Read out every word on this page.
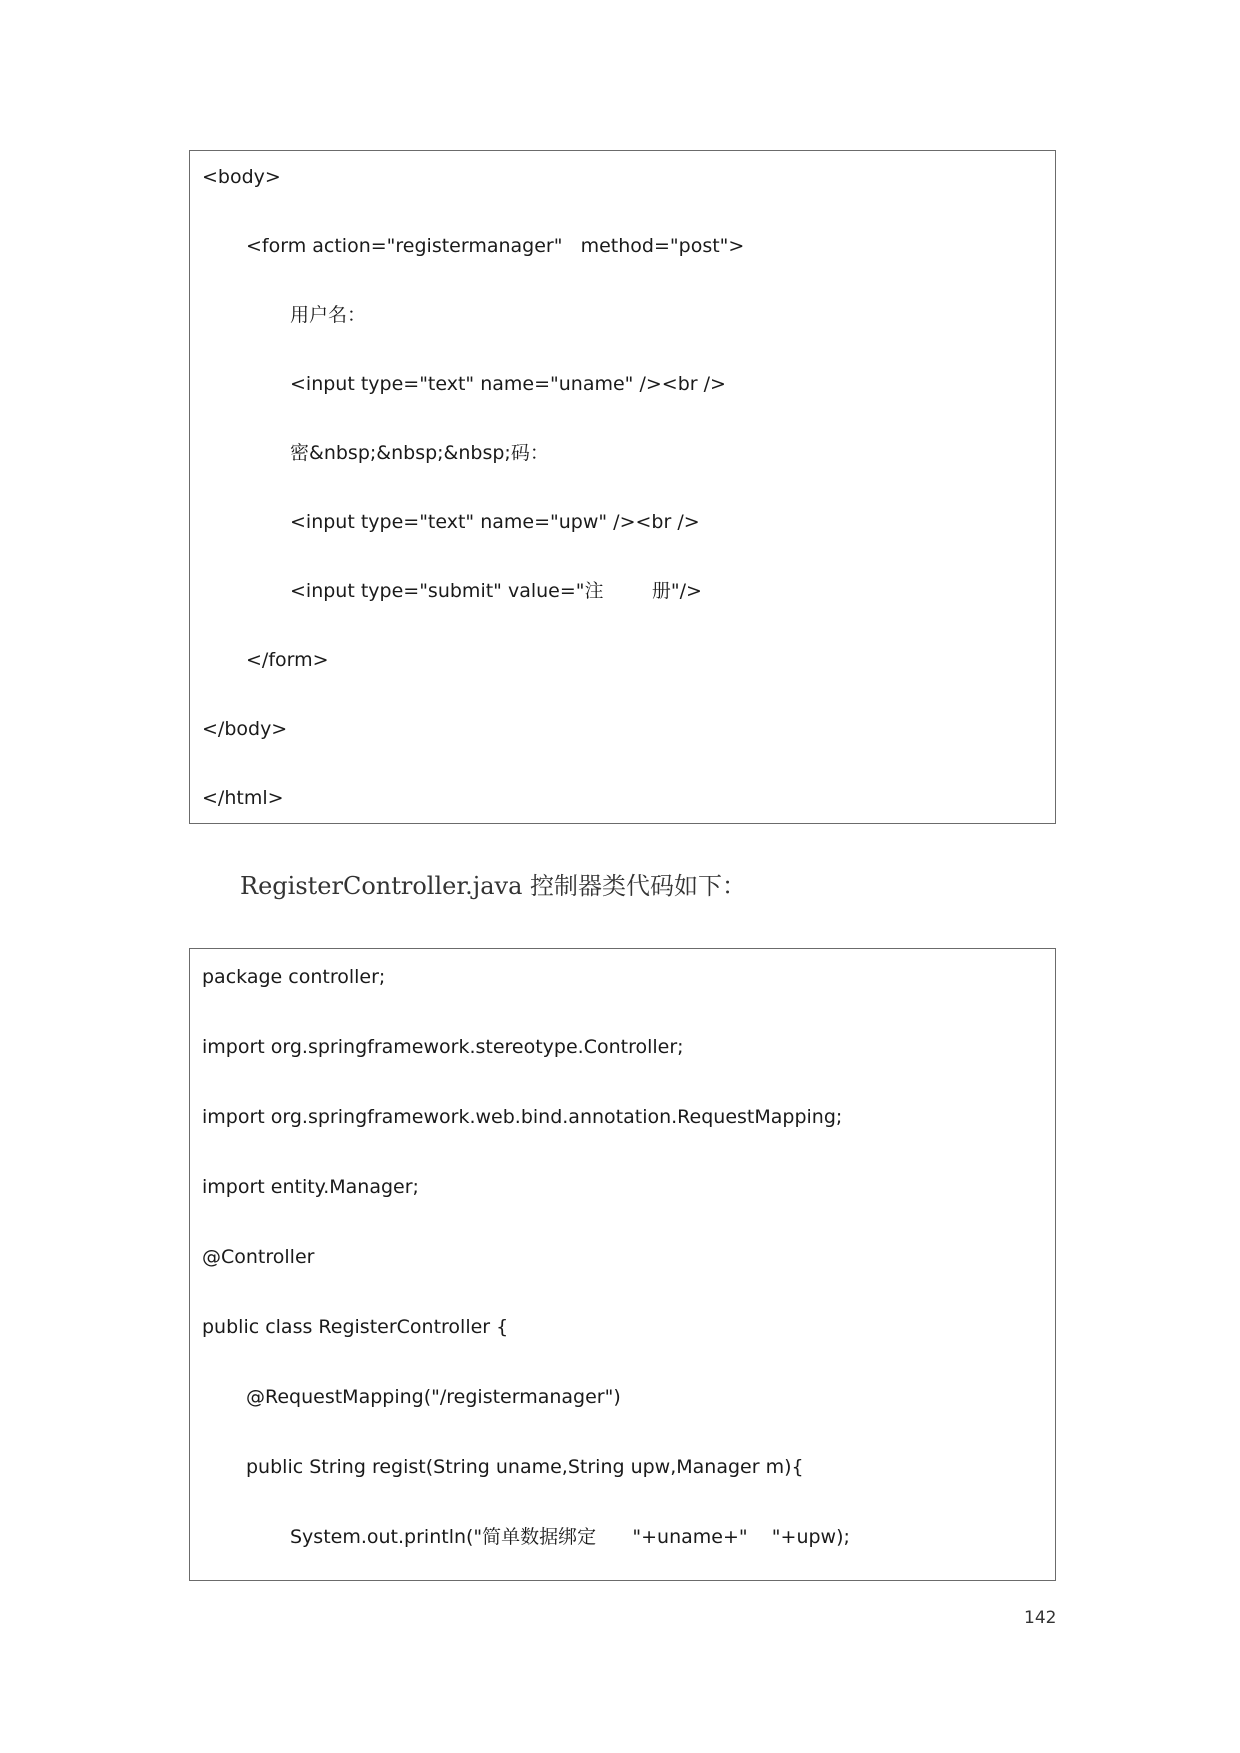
<body>

<form action="registermanager"   method="post">

用户名：

<input type="text" name="uname" /><br />

密&nbsp;&nbsp;&nbsp;码：

<input type="text" name="upw" /><br />

<input type="submit" value="注        册"/>

</form>

</body>

</html>

RegisterController.java 控制器类代码如下：

package controller;

import org.springframework.stereotype.Controller;

import org.springframework.web.bind.annotation.RequestMapping;

import entity.Manager;

@Controller

public class RegisterController {

@RequestMapping("/registermanager")

public String regist(String uname,String upw,Manager m){

System.out.println("简单数据绑定      "+uname+"    "+upw);

142
